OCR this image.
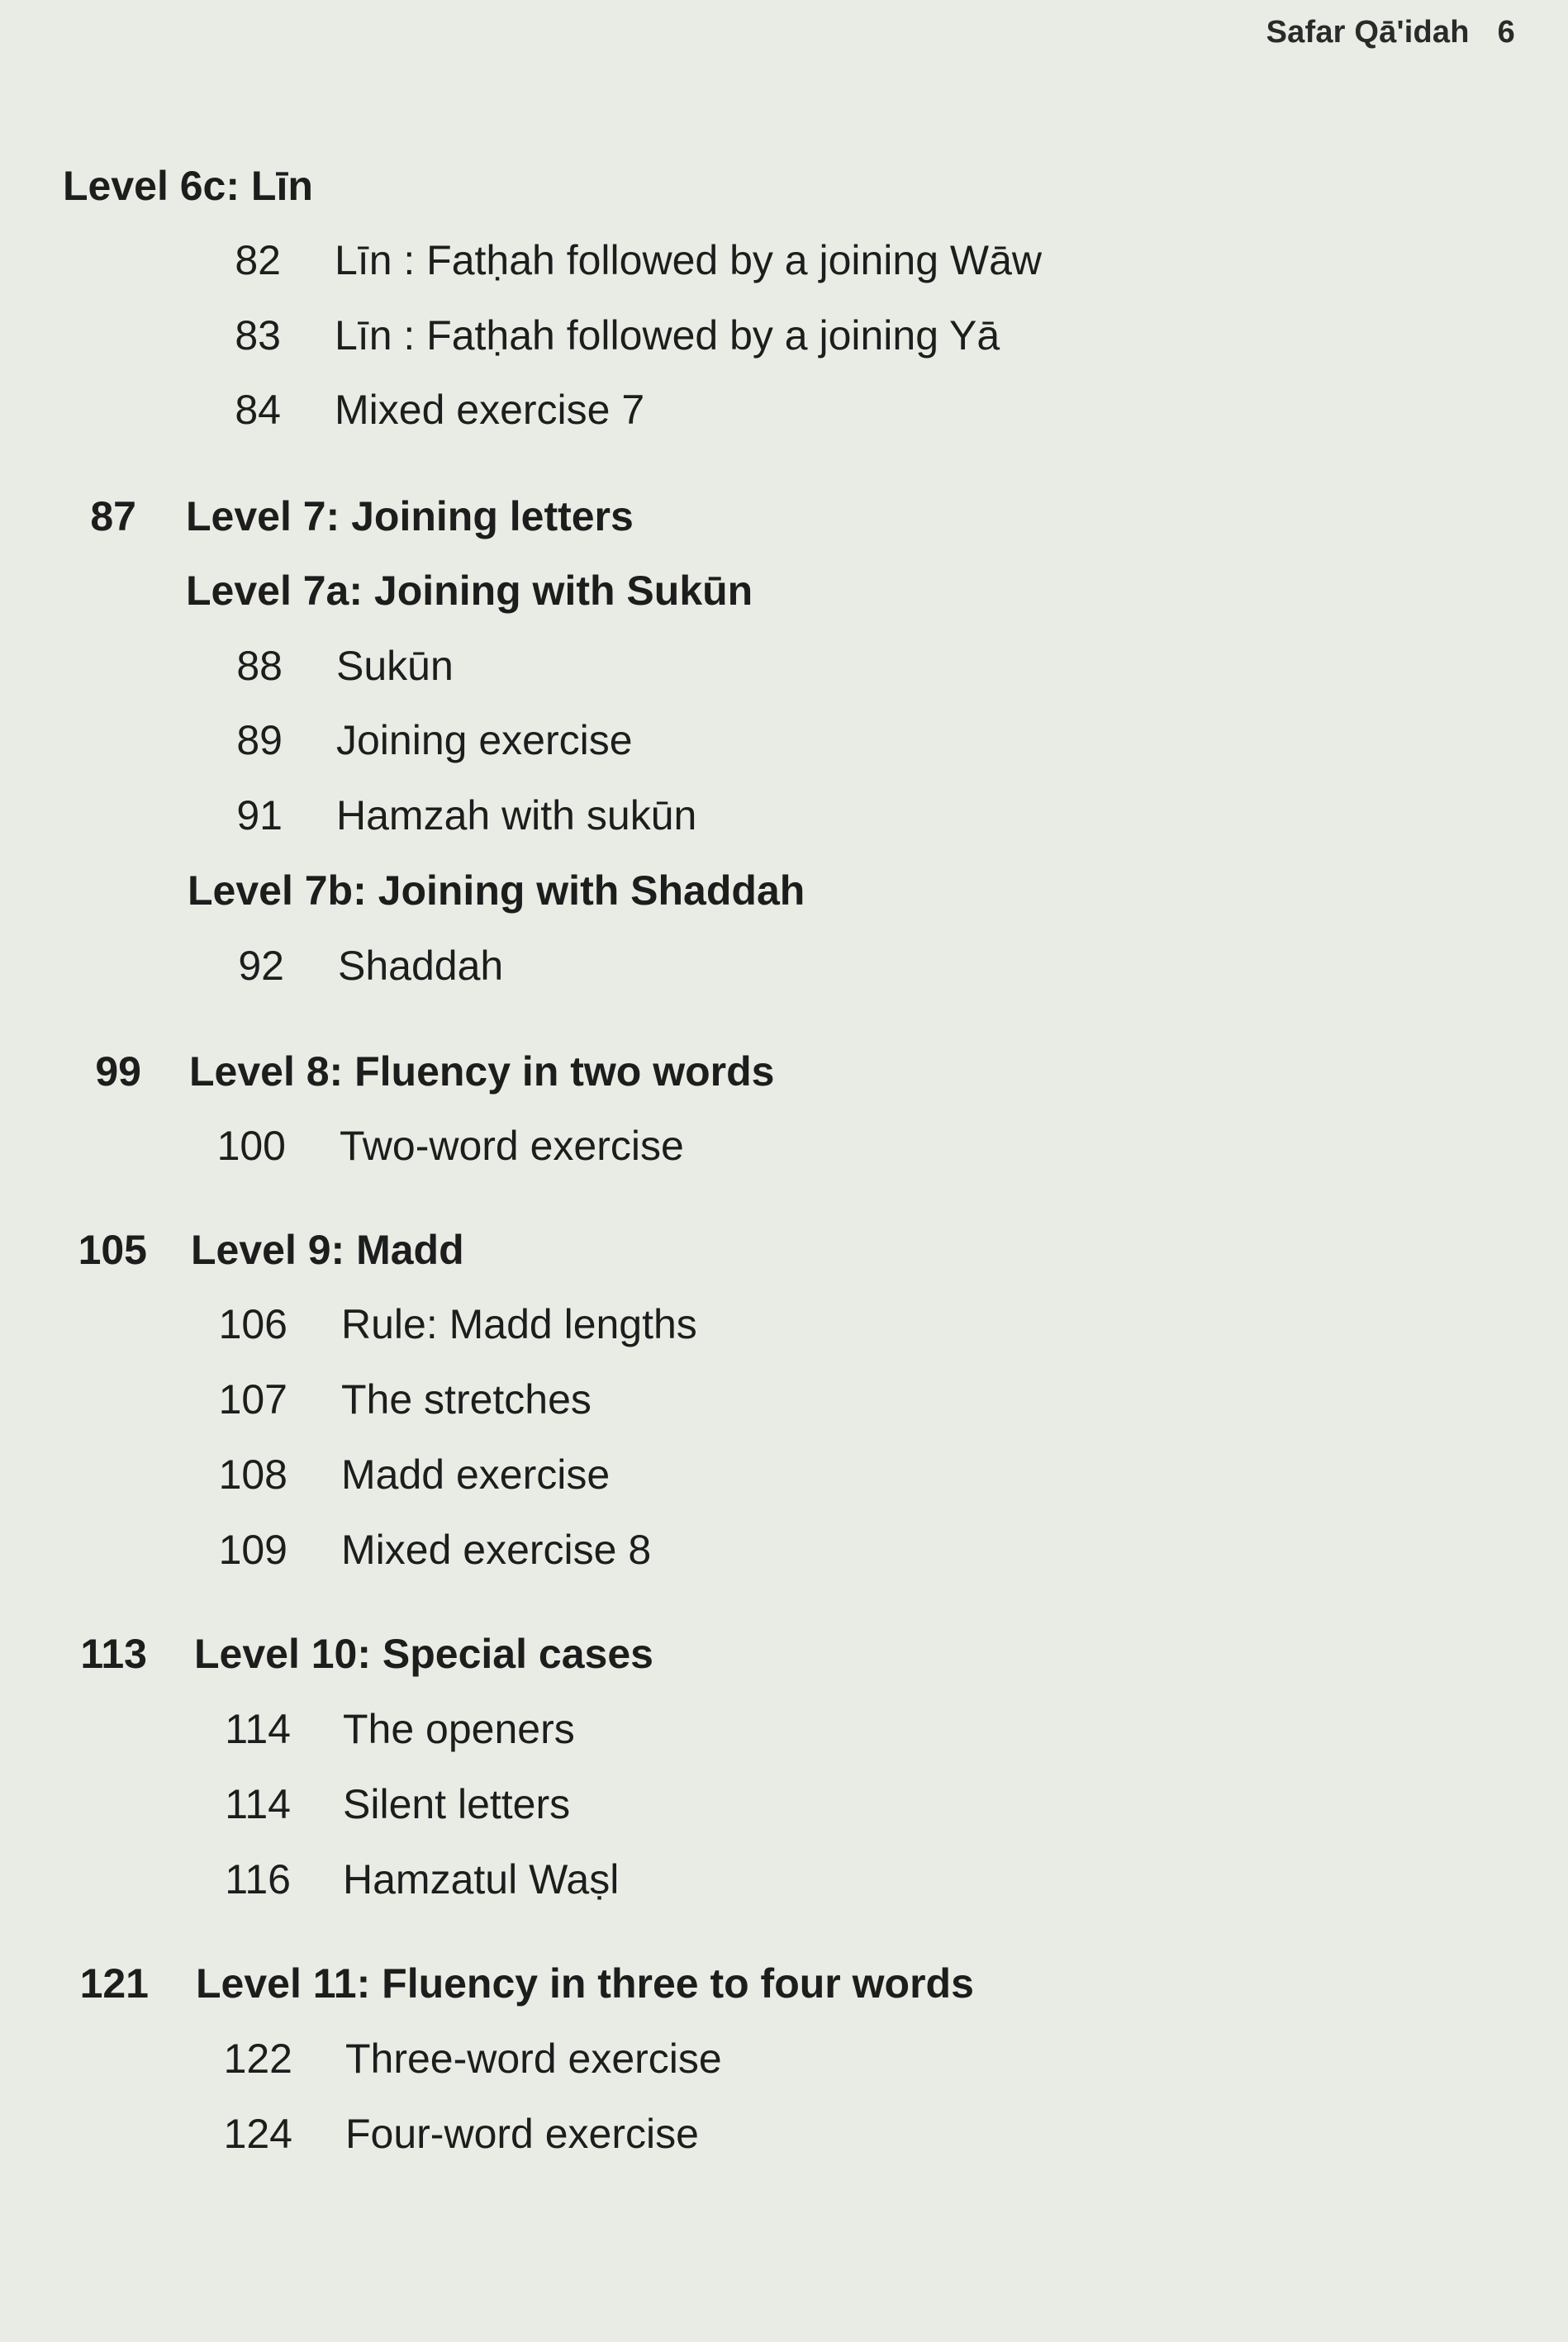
Safar Qā'idah 6
Level 6c: Līn
82 Līn : Fatḥah followed by a joining Wāw
83 Līn : Fatḥah followed by a joining Yā
84 Mixed exercise 7
87 Level 7: Joining letters
Level 7a: Joining with Sukūn
88 Sukūn
89 Joining exercise
91 Hamzah with sukūn
Level 7b: Joining with Shaddah
92 Shaddah
99 Level 8: Fluency in two words
100 Two-word exercise
105 Level 9: Madd
106 Rule: Madd lengths
107 The stretches
108 Madd exercise
109 Mixed exercise 8
113 Level 10: Special cases
114 The openers
114 Silent letters
116 Hamzatul Waṣl
121 Level 11: Fluency in three to four words
122 Three-word exercise
124 Four-word exercise
